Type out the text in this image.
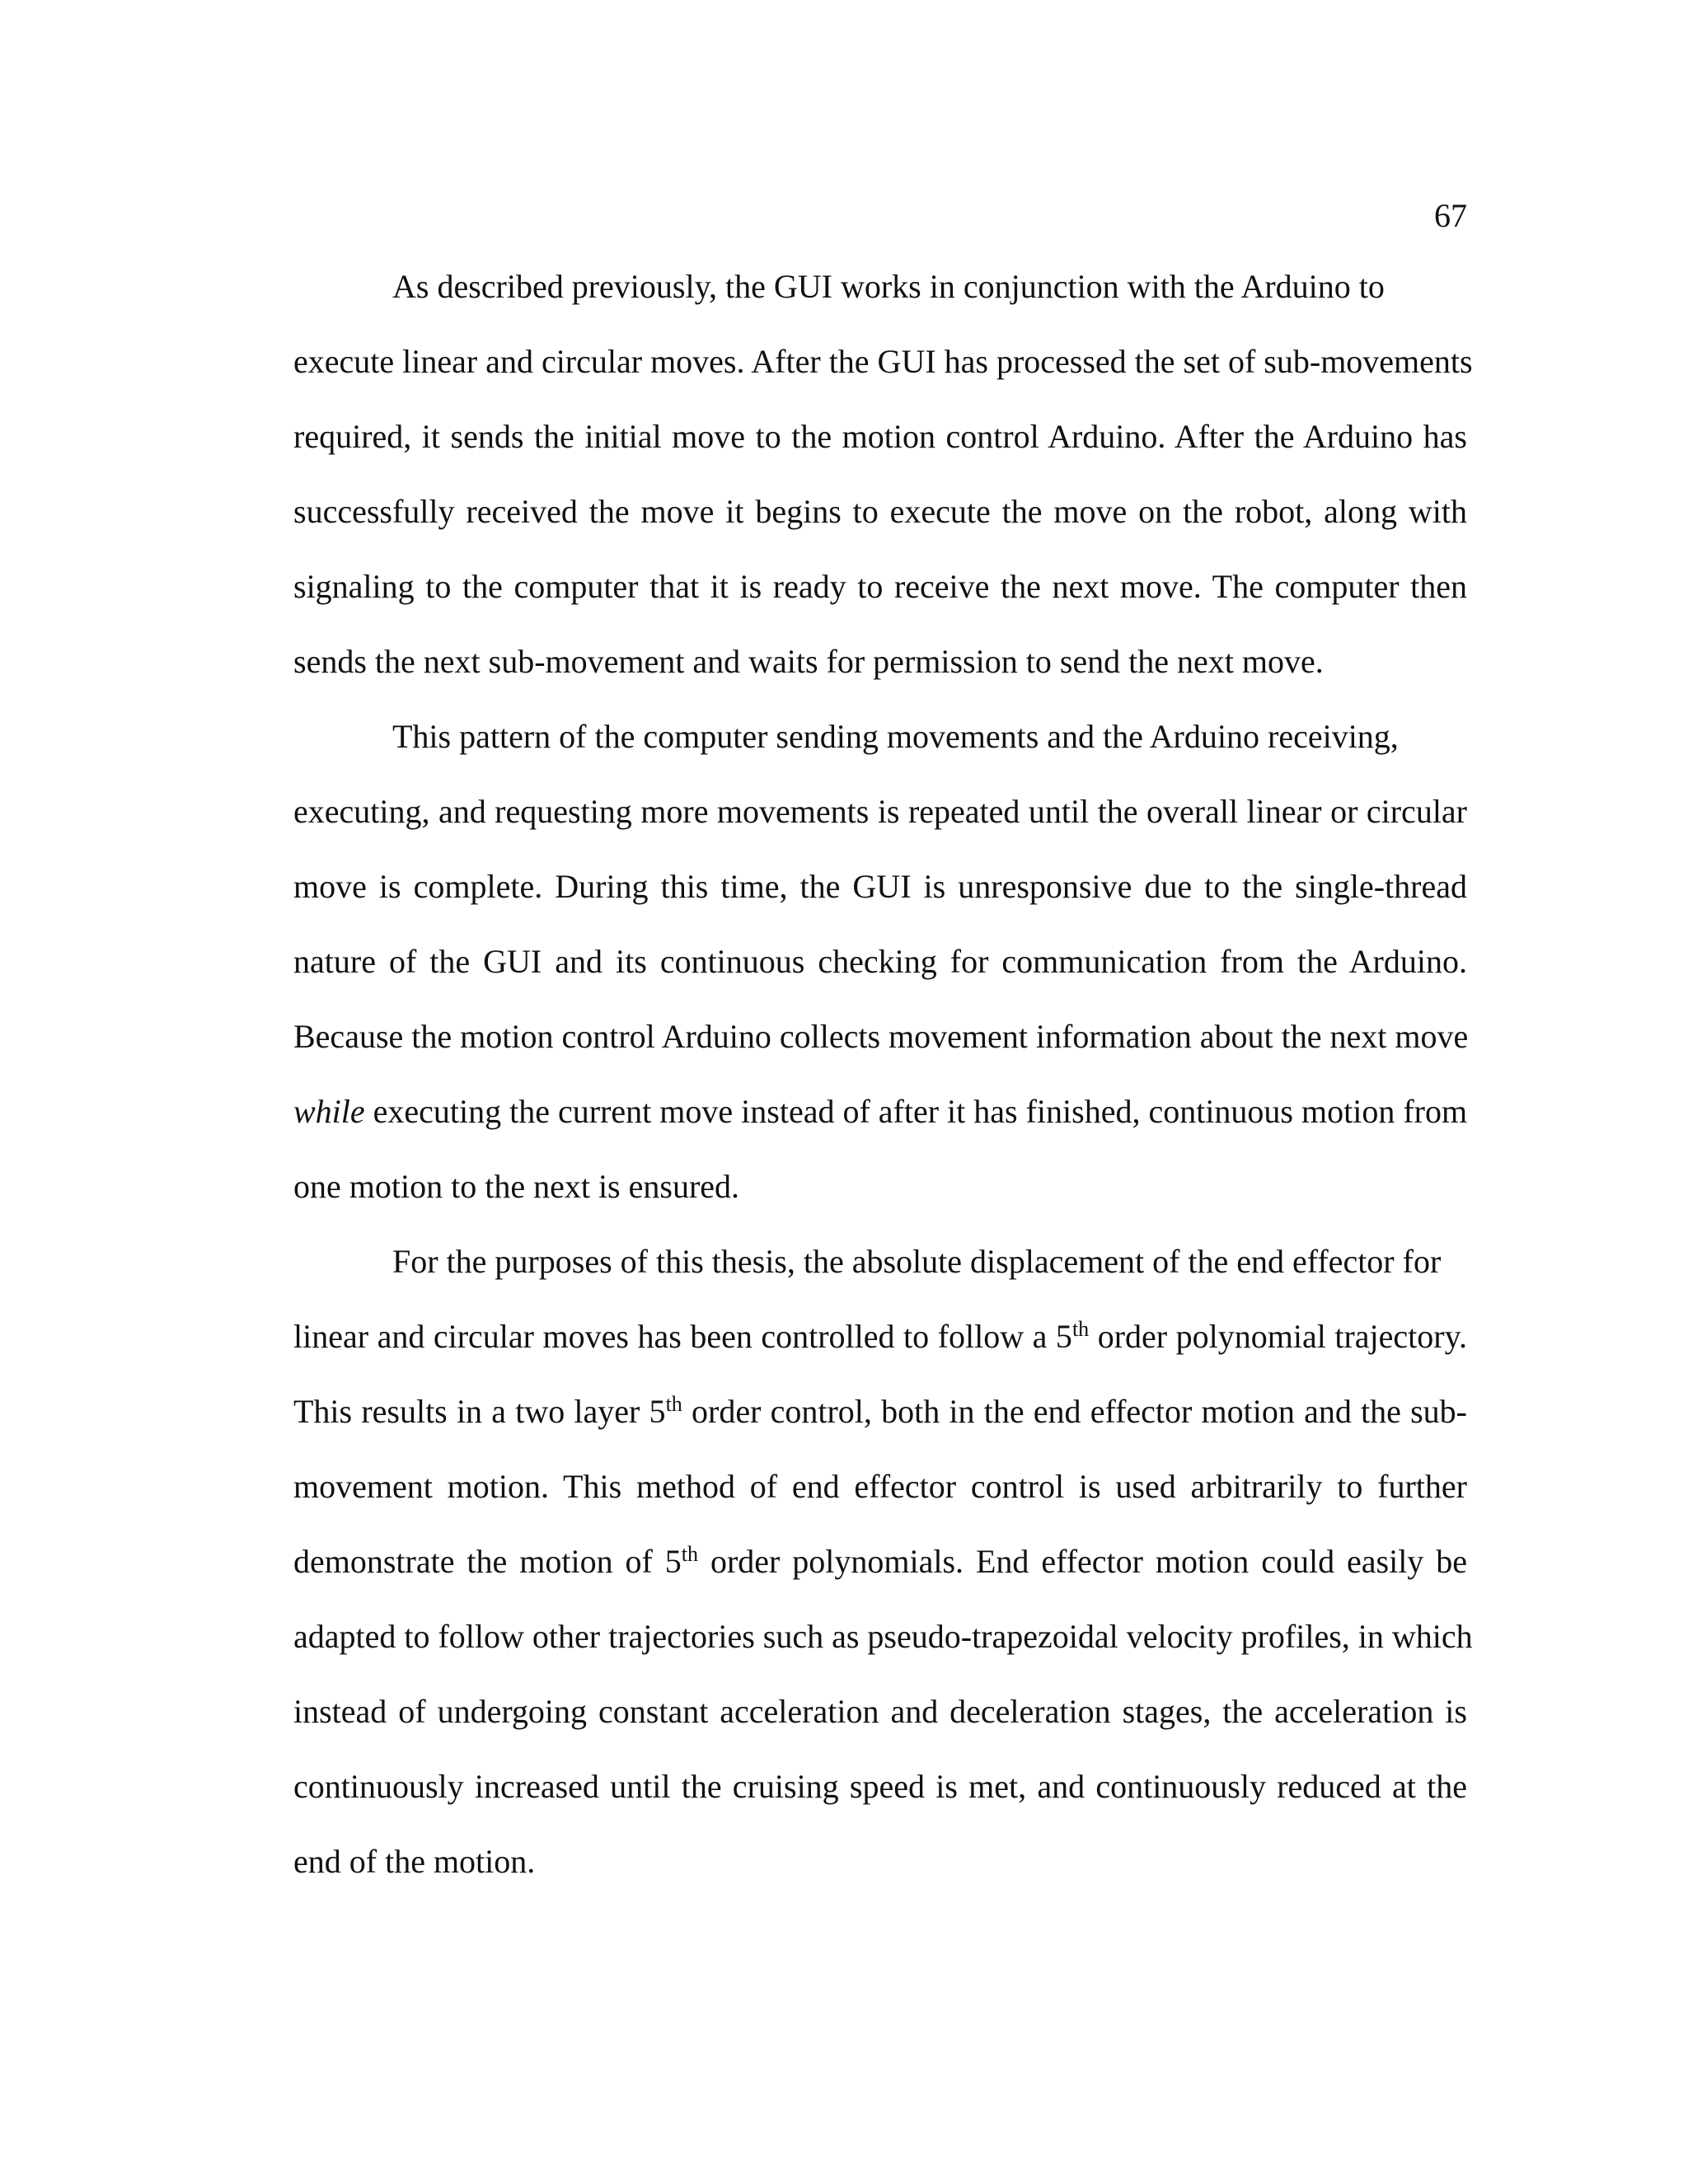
67
As described previously, the GUI works in conjunction with the Arduino to
execute linear and circular moves. After the GUI has processed the set of sub-movements
required, it sends the initial move to the motion control Arduino. After the Arduino has
successfully received the move it begins to execute the move on the robot, along with
signaling to the computer that it is ready to receive the next move. The computer then
sends the next sub-movement and waits for permission to send the next move.
This pattern of the computer sending movements and the Arduino receiving,
executing, and requesting more movements is repeated until the overall linear or circular
move is complete. During this time, the GUI is unresponsive due to the single-thread
nature of the GUI and its continuous checking for communication from the Arduino.
Because the motion control Arduino collects movement information about the next move
while executing the current move instead of after it has finished, continuous motion from
one motion to the next is ensured.
For the purposes of this thesis, the absolute displacement of the end effector for
linear and circular moves has been controlled to follow a 5th order polynomial trajectory.
This results in a two layer 5th order control, both in the end effector motion and the sub-
movement motion. This method of end effector control is used arbitrarily to further
demonstrate the motion of 5th order polynomials. End effector motion could easily be
adapted to follow other trajectories such as pseudo-trapezoidal velocity profiles, in which
instead of undergoing constant acceleration and deceleration stages, the acceleration is
continuously increased until the cruising speed is met, and continuously reduced at the
end of the motion.
